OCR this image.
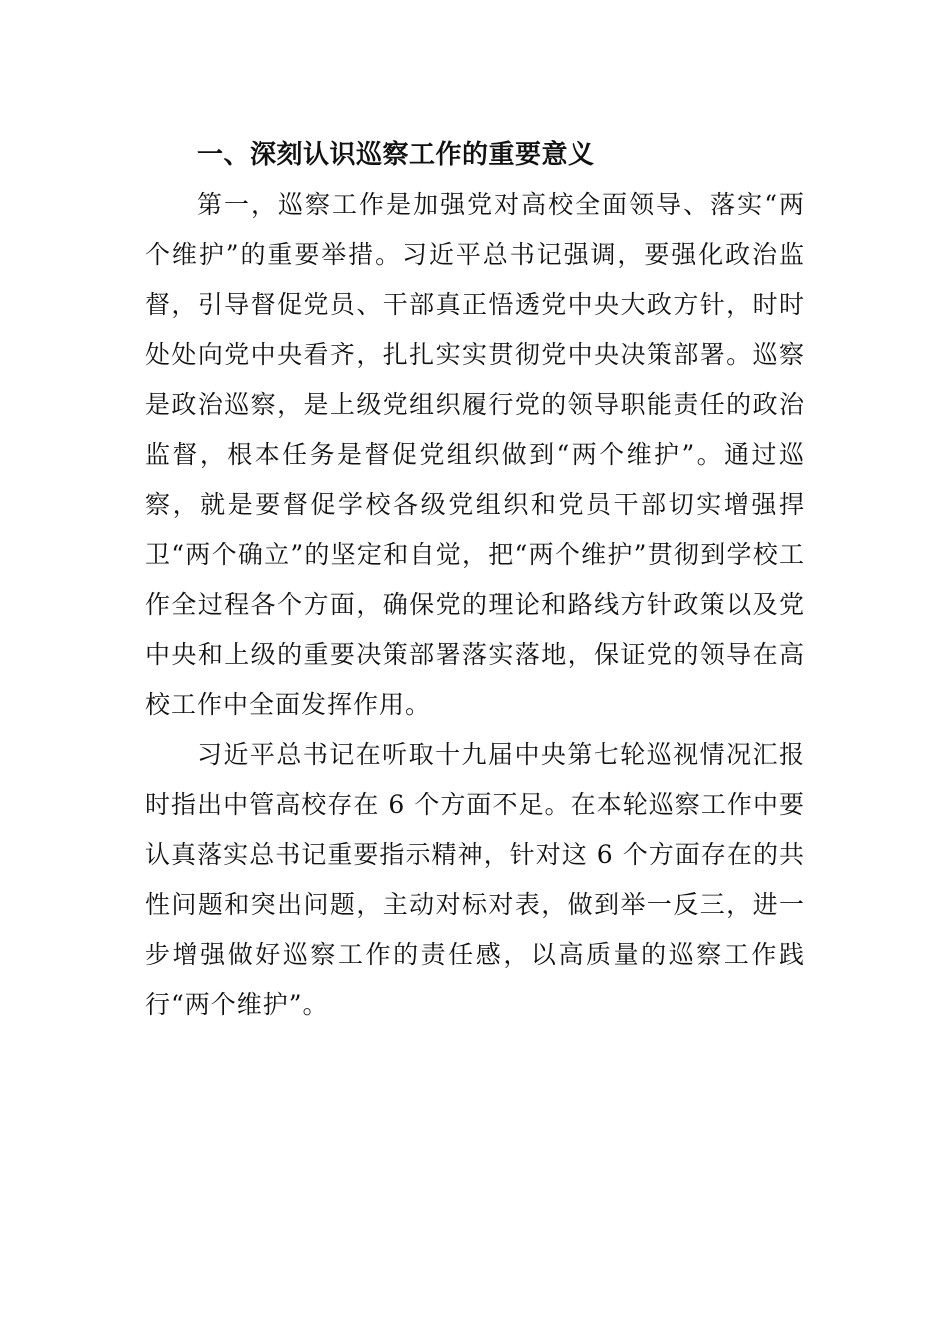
一、深刻认识巡察工作的重要意义

第一，巡察工作是加强党对高校全面领导、落实“两个维护”的重要举措。习近平总书记强调，要强化政治监督，引导督促党员、干部真正悟透党中央大政方针，时时处处向党中央看齐，扎扎实实贯彻党中央决策部署。巡察是政治巡察，是上级党组织履行党的领导职能责任的政治监督，根本任务是督促党组织做到“两个维护”。通过巡察，就是要督促学校各级党组织和党员干部切实增强捍卫“两个确立”的坚定和自觉，把“两个维护”贯彻到学校工作全过程各个方面，确保党的理论和路线方针政策以及党中央和上级的重要决策部署落实落地，保证党的领导在高校工作中全面发挥作用。

习近平总书记在听取十九届中央第七轮巡视情况汇报时指出中管高校存在 6 个方面不足。在本轮巡察工作中要认真落实总书记重要指示精神，针对这 6 个方面存在的共性问题和突出问题，主动对标对表，做到举一反三，进一步增强做好巡察工作的责任感，以高质量的巡察工作践行“两个维护”。
